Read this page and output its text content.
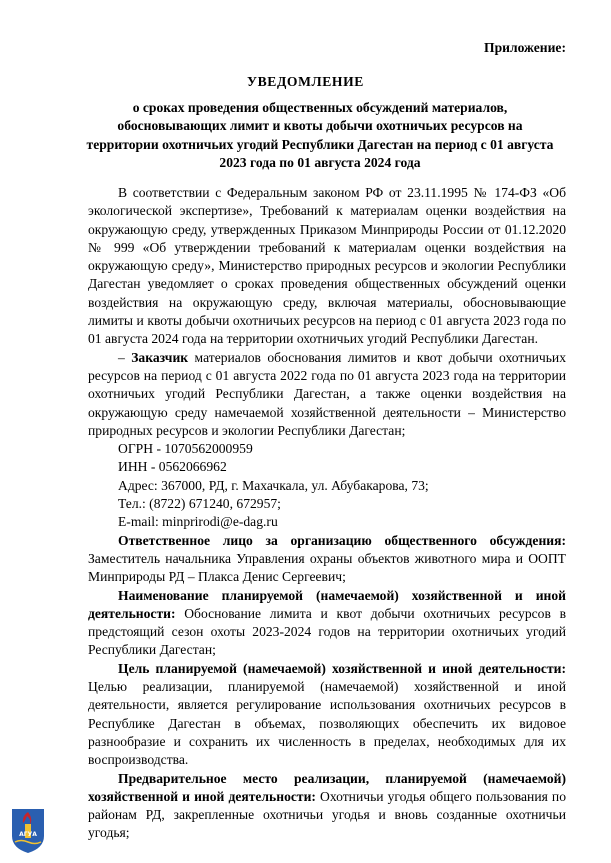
Приложение:
УВЕДОМЛЕНИЕ
о сроках проведения общественных обсуждений материалов, обосновывающих лимит и квоты добычи охотничьих ресурсов на территории охотничьих угодий Республики Дагестан на период с 01 августа 2023 года по 01 августа 2024 года

В соответствии с Федеральным законом РФ от 23.11.1995 № 174-ФЗ «Об экологической экспертизе», Требований к материалам оценки воздействия на окружающую среду, утвержденных Приказом Минприроды России от 01.12.2020 № 999 «Об утверждении требований к материалам оценки воздействия на окружающую среду», Министерство природных ресурсов и экологии Республики Дагестан уведомляет о сроках проведения общественных обсуждений оценки воздействия на окружающую среду, включая материалы, обосновывающие лимиты и квоты добычи охотничьих ресурсов на период с 01 августа 2023 года по 01 августа 2024 года на территории охотничьих угодий Республики Дагестан.

– Заказчик материалов обоснования лимитов и квот добычи охотничьих ресурсов на период с 01 августа 2022 года по 01 августа 2023 года на территории охотничьих угодий Республики Дагестан, а также оценки воздействия на окружающую среду намечаемой хозяйственной деятельности – Министерство природных ресурсов и экологии Республики Дагестан;

ОГРН - 1070562000959

ИНН - 0562066962

Адрес: 367000, РД, г. Махачкала, ул. Абубакарова, 73;

Тел.: (8722) 671240, 672957;

E-mail: minprirodi@e-dag.ru

Ответственное лицо за организацию общественного обсуждения: Заместитель начальника Управления охраны объектов животного мира и ООПТ Минприроды РД – Плакса Денис Сергеевич;

Наименование планируемой (намечаемой) хозяйственной и иной деятельности: Обоснование лимита и квот добычи охотничьих ресурсов в предстоящий сезон охоты 2023-2024 годов на территории охотничьих угодий Республики Дагестан;

Цель планируемой (намечаемой) хозяйственной и иной деятельности: Целью реализации, планируемой (намечаемой) хозяйственной и иной деятельности, является регулирование использования охотничьих ресурсов в Республике Дагестан в объемах, позволяющих обеспечить их видовое разнообразие и сохранить их численность в пределах, необходимых для их воспроизводства.

Предварительное место реализации, планируемой (намечаемой) хозяйственной и иной деятельности: Охотничьи угодья общего пользования по районам РД, закрепленные охотничьи угодья и вновь созданные охотничьи угодья;

АГУА
